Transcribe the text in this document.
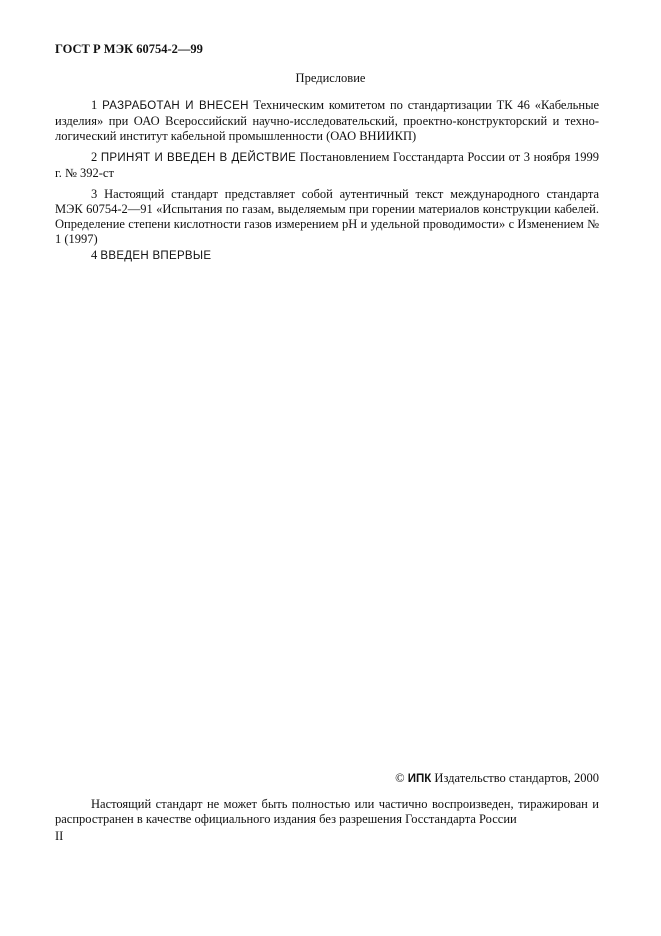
ГОСТ Р МЭК 60754-2—99
Предисловие
1 РАЗРАБОТАН И ВНЕСЕН Техническим комитетом по стандартизации ТК 46 «Кабельные изделия» при ОАО Всероссийский научно-исследовательский, проектно-конструкторский и техно-логический институт кабельной промышленности (ОАО ВНИИКП)
2 ПРИНЯТ И ВВЕДЕН В ДЕЙСТВИЕ Постановлением Госстандарта России от 3 ноября 1999 г. № 392-ст
3 Настоящий стандарт представляет собой аутентичный текст международного стандарта МЭК 60754-2—91 «Испытания по газам, выделяемым при горении материалов конструкции кабелей. Определение степени кислотности газов измерением pH и удельной проводимости» с Изменением № 1 (1997)
4 ВВЕДЕН ВПЕРВЫЕ
© ИПК Издательство стандартов, 2000
Настоящий стандарт не может быть полностью или частично воспроизведен, тиражирован и распространен в качестве официального издания без разрешения Госстандарта России
II
